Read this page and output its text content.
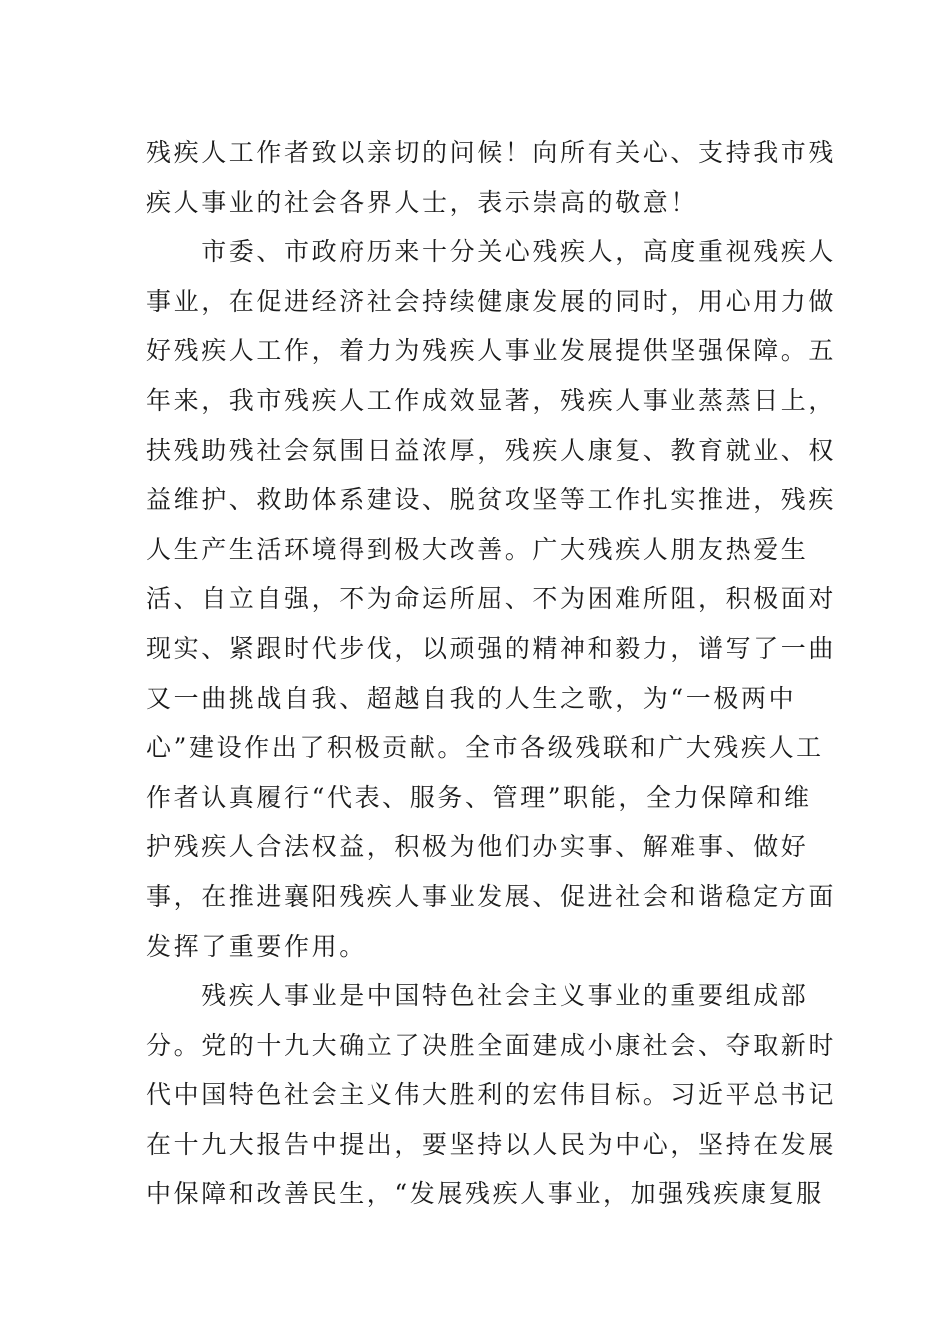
残疾人工作者致以亲切的问候！向所有关心、支持我市残
疾人事业的社会各界人士，表示崇高的敬意！
　　市委、市政府历来十分关心残疾人，高度重视残疾人
事业，在促进经济社会持续健康发展的同时，用心用力做
好残疾人工作，着力为残疾人事业发展提供坚强保障。五
年来，我市残疾人工作成效显著，残疾人事业蒸蒸日上，
扶残助残社会氛围日益浓厚，残疾人康复、教育就业、权
益维护、救助体系建设、脱贫攻坚等工作扎实推进，残疾
人生产生活环境得到极大改善。广大残疾人朋友热爱生
活、自立自强，不为命运所屈、不为困难所阻，积极面对
现实、紧跟时代步伐，以顽强的精神和毅力，谱写了一曲
又一曲挑战自我、超越自我的人生之歌，为“一极两中
心”建设作出了积极贡献。全市各级残联和广大残疾人工
作者认真履行“代表、服务、管理”职能，全力保障和维
护残疾人合法权益，积极为他们办实事、解难事、做好
事，在推进襄阳残疾人事业发展、促进社会和谐稳定方面
发挥了重要作用。
　　残疾人事业是中国特色社会主义事业的重要组成部
分。党的十九大确立了决胜全面建成小康社会、夺取新时
代中国特色社会主义伟大胜利的宏伟目标。习近平总书记
在十九大报告中提出，要坚持以人民为中心，坚持在发展
中保障和改善民生，“发展残疾人事业，加强残疾康复服
